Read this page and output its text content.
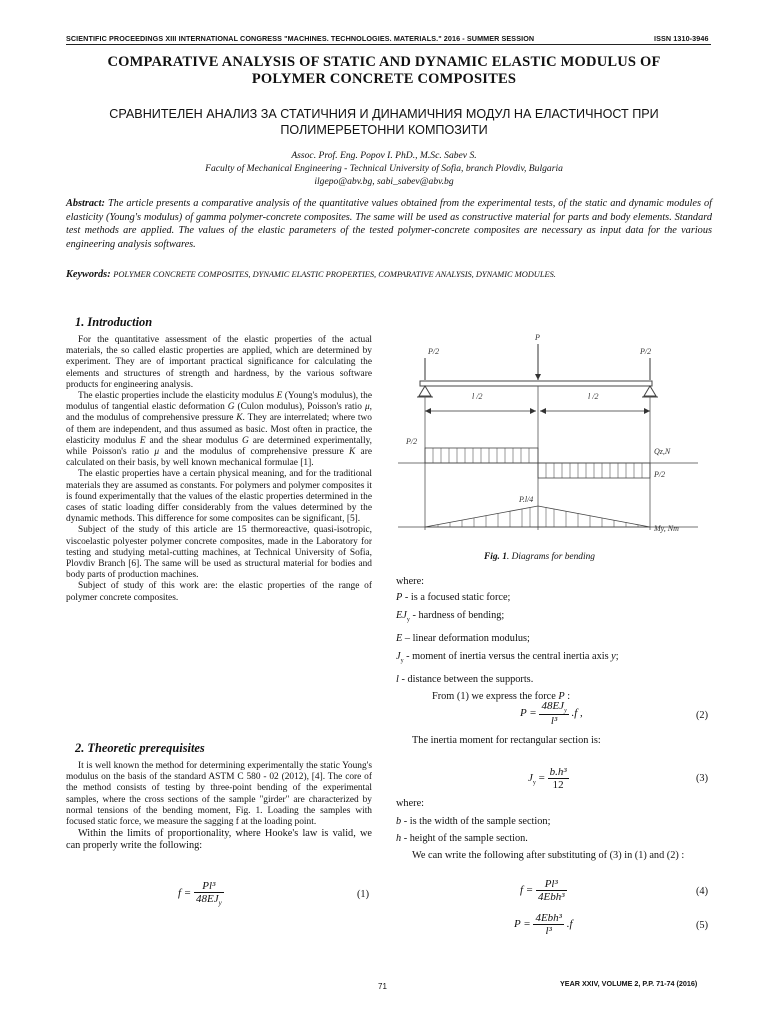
SCIENTIFIC PROCEEDINGS XIII INTERNATIONAL CONGRESS "MACHINES. TECHNOLOGIES. MATERIALS." 2016 - SUMMER SESSION	ISSN 1310-3946
COMPARATIVE ANALYSIS OF STATIC AND DYNAMIC ELASTIC MODULUS OF
POLYMER CONCRETE COMPOSITES
СРАВНИТЕЛЕН АНАЛИЗ ЗА СТАТИЧНИЯ И ДИНАМИЧНИЯ МОДУЛ НА ЕЛАСТИЧНОСТ ПРИ
ПОЛИМЕРБЕТОННИ КОМПОЗИТИ
Assoc. Prof. Eng. Popov I. PhD., M.Sc. Sabev S.
Faculty of Mechanical Engineering - Technical University of Sofia, branch Plovdiv, Bulgaria
ilgepo@abv.bg, sabi_sabev@abv.bg
Abstract: The article presents a comparative analysis of the quantitative values obtained from the experimental tests, of the static and dynamic modules of elasticity (Young's modulus) of gamma polymer-concrete composites. The same will be used as constructive material for parts and body elements. Standard test methods are applied. The values of the elastic parameters of the tested polymer-concrete composites are necessary as input data for the various engineering analysis softwares.
Keywords: POLYMER CONCRETE COMPOSITES, DYNAMIC ELASTIC PROPERTIES, COMPARATIVE ANALYSIS, DYNAMIC MODULES.
1. Introduction

For the quantitative assessment of the elastic properties of the actual materials, the so called elastic properties are applied, which are determined by experiment. They are of important practical significance for calculating the elements and structures of strength and hardness, by the various software products for engineering analysis.

The elastic properties include the elasticity modulus E (Young's modulus), the modulus of tangential elastic deformation G (Culon modulus), Poisson's ratio μ, and the modulus of comprehensive pressure K. They are interrelated; where two of them are independent, and thus assumed as basic. Most often in practice, the elasticity modulus E and the shear modulus G are determined experimentally, while Poisson's ratio μ and the modulus of comprehensive pressure K are calculated on their basis, by well known mechanical formulae [1].

The elastic properties have a certain physical meaning, and for the traditional materials they are assumed as constants. For polymers and polymer composites it is found experimentally that the values of the elastic properties determined in the cases of static loading differ considerably from the values determined by the dynamic methods. This difference for some composites can be significant, [5].

Subject of the study of this article are 15 thermoreactive, quasi-isotropic, viscoelastic polyester polymer concrete composites, made in the Laboratory for testing and studying metal-cutting machines, at Technical University of Sofia, Plovdiv Branch [6]. The same will be used as structural material for bodies and body parts of production machines.

Subject of study of this work are: the elastic properties of the range of polymer concrete composites.

2. Theoretic prerequisites

It is well known the method for determining experimentally the static Young's modulus on the basis of the standard ASTM C 580 - 02 (2012), [4]. The core of the method consists of testing by three-point bending of the experimental samples, where the cross sections of the sample "girder" are characterized by normal tensions of the bending moment, Fig. 1. Loading the samples with focused static force, we measure the sagging f at the loading point.

Within the limits of proportionality, where Hooke's law is valid, we can properly write the following:

$f = \frac{\text{Pl³}}{48EJ_y}$	(1)
P
P/2	P/2
l /2	l /2
P/2
P/2
Qz,N
P.l/4
My, Nm
Fig. 1. Diagrams for bending
where:
P - is a focused static force;
$EJ_y$ - hardness of bending;
E – linear deformation modulus;
$J_y$ - moment of inertia versus the central inertia axis y;
l - distance between the supports.
From (1) we express the force P :
$P = \frac{48EJ_y}{\text{l³}} .f$ ,	(2)
The inertia moment for rectangular section is:
$J_y = \frac{\text{b.h³}}{12}$	(3)
where:
b - is the width of the sample section;
h - height of the sample section.
We can write the following after substituting of (3) in (1) and (2) :
$f = \frac{\text{Pl³}}{\text{4Ebh³}}$	(4)
$P = \frac{\text{4Ebh³}}{\text{l³}} .f$	(5)
71	YEAR XXIV, VOLUME 2, P.P. 71-74 (2016)
